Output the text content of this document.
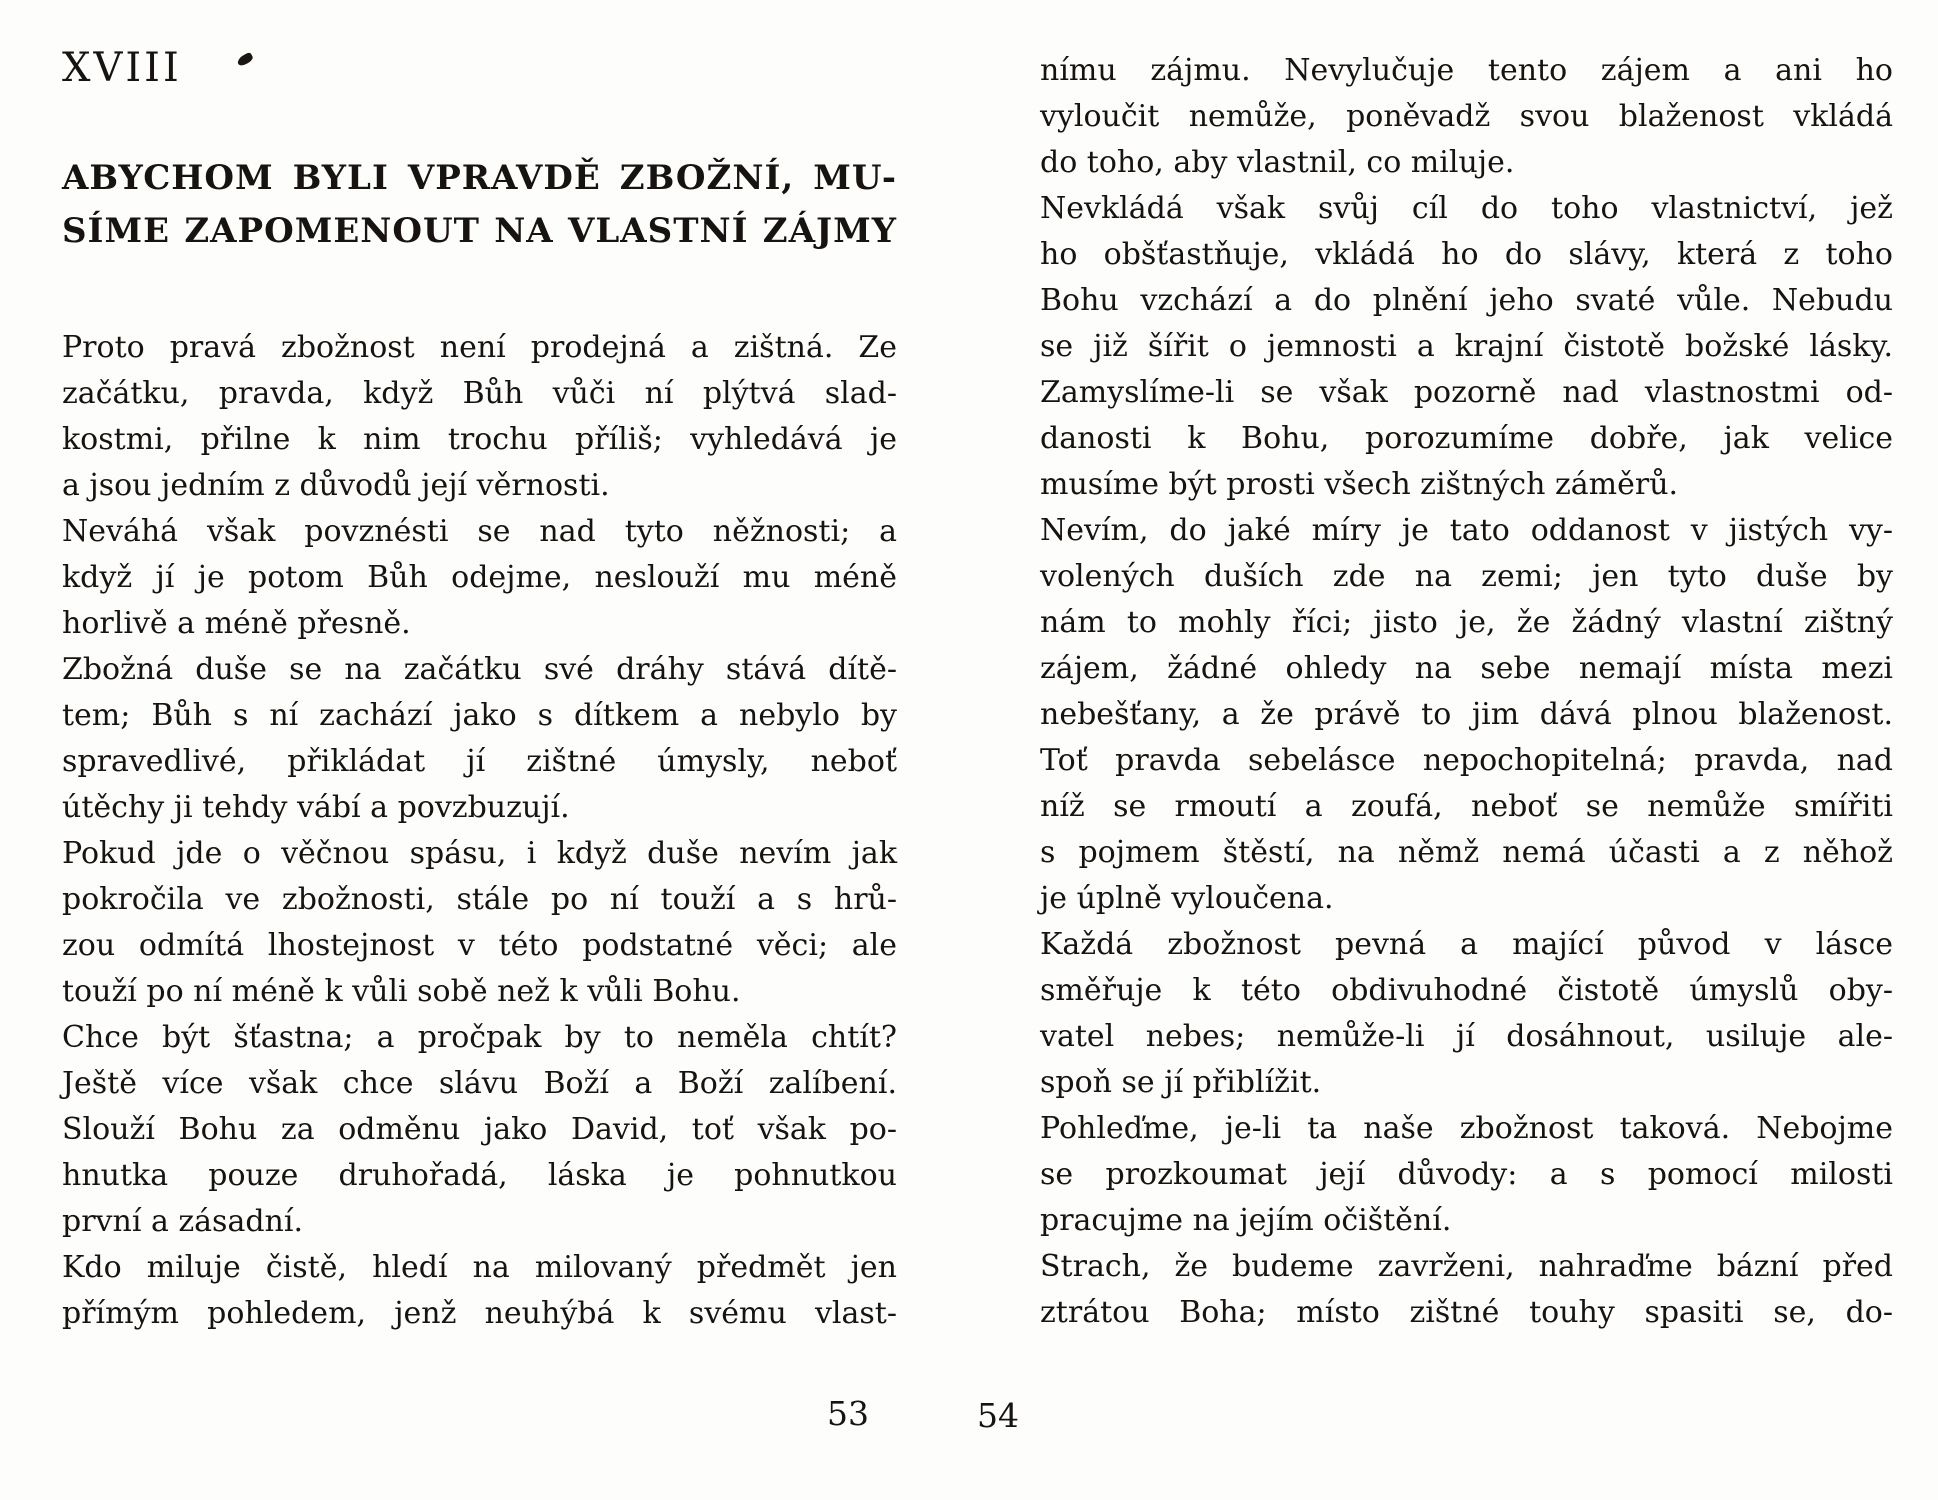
XVIII
ABYCHOM BYLI VPRAVDĚ ZBOŽNÍ, MU-
SÍME ZAPOMENOUT NA VLASTNÍ ZÁJMY
Proto pravá zbožnost není prodejná a zištná. Ze
začátku, pravda, když Bůh vůči ní plýtvá slad-
kostmi, přilne k nim trochu příliš; vyhledává je
a jsou jedním z důvodů její věrnosti.
Neváhá však povznésti se nad tyto něžnosti; a
když jí je potom Bůh odejme, neslouží mu méně
horlivě a méně přesně.
Zbožná duše se na začátku své dráhy stává dítě-
tem; Bůh s ní zachází jako s dítkem a nebylo by
spravedlivé, přikládat jí zištné úmysly, neboť
útěchy ji tehdy vábí a povzbuzují.
Pokud jde o věčnou spásu, i když duše nevím jak
pokročila ve zbožnosti, stále po ní touží a s hrů-
zou odmítá lhostejnost v této podstatné věci; ale
touží po ní méně k vůli sobě než k vůli Bohu.
Chce být šťastna; a pročpak by to neměla chtít?
Ještě více však chce slávu Boží a Boží zalíbení.
Slouží Bohu za odměnu jako David, toť však po-
hnutka pouze druhořadá, láska je pohnutkou
první a zásadní.
Kdo miluje čistě, hledí na milovaný předmět jen
přímým pohledem, jenž neuhýbá k svému vlast-
53
nímu zájmu. Nevylučuje tento zájem a ani ho
vyloučit nemůže, poněvadž svou blaženost vkládá
do toho, aby vlastnil, co miluje.
Nevkládá však svůj cíl do toho vlastnictví, jež
ho obšťastňuje, vkládá ho do slávy, která z toho
Bohu vzchází a do plnění jeho svaté vůle. Nebudu
se již šířit o jemnosti a krajní čistotě božské lásky.
Zamyslíme-li se však pozorně nad vlastnostmi od-
danosti k Bohu, porozumíme dobře, jak velice
musíme být prosti všech zištných záměrů.
Nevím, do jaké míry je tato oddanost v jistých vy-
volených duších zde na zemi; jen tyto duše by
nám to mohly říci; jisto je, že žádný vlastní zištný
zájem, žádné ohledy na sebe nemají místa mezi
nebešťany, a že právě to jim dává plnou blaženost.
Toť pravda sebelásce nepochopitelná; pravda, nad
níž se rmoutí a zoufá, neboť se nemůže smířiti
s pojmem štěstí, na němž nemá účasti a z něhož
je úplně vyloučena.
Každá zbožnost pevná a mající původ v lásce
směřuje k této obdivuhodné čistotě úmyslů oby-
vatel nebes; nemůže-li jí dosáhnout, usiluje ale-
spoň se jí přiblížit.
Pohleďme, je-li ta naše zbožnost taková. Nebojme
se prozkoumat její důvody: a s pomocí milosti
pracujme na jejím očištění.
Strach, že budeme zavrženi, nahraďme bázní před
ztrátou Boha; místo zištné touhy spasiti se, do-
54
